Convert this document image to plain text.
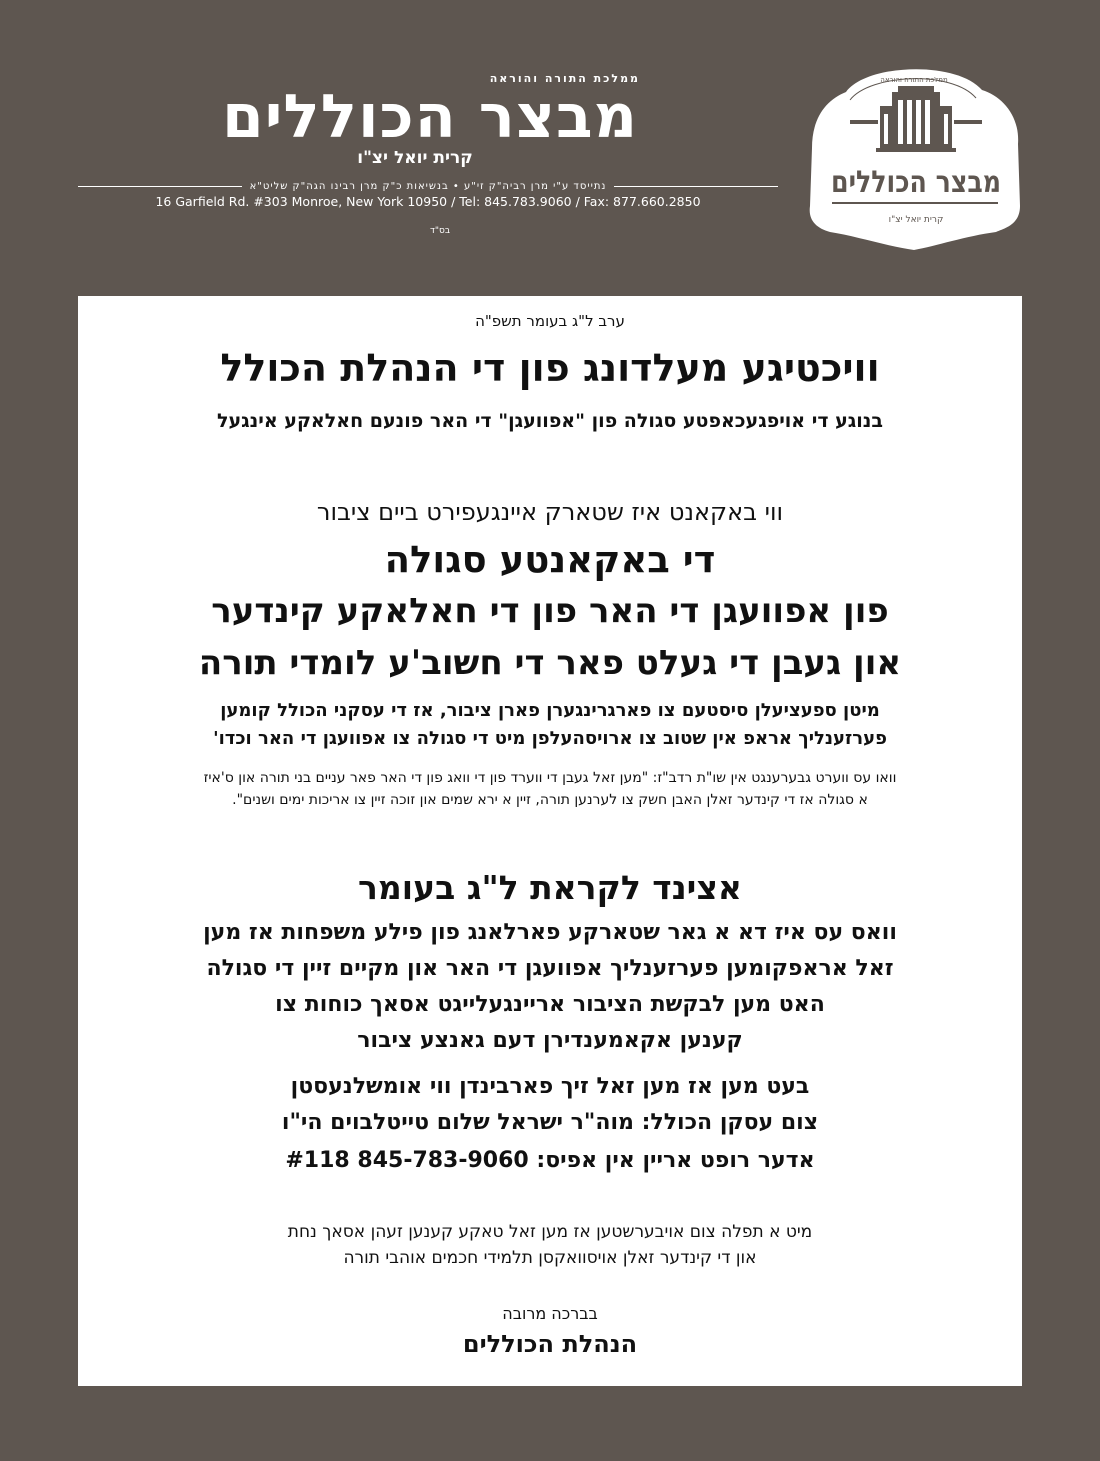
ממלכת התורה והוראה
מבצר הכוללים
קרית יואל יצ"ו
נתייסד ע"י מרן רביה"ק זי"ע • בנשיאות כ"ק מרן רבינו הגה"ק שליט"א
16 Garfield Rd. #303 Monroe, New York 10950 / Tel: 845.783.9060 / Fax: 877.660.2850
בס"ד
ממלכת התורה והוראה
מבצר הכוללים
קרית יואל יצ"ו
ערב ל"ג בעומר תשפ"ה
וויכטיגע מעלדונג פון די הנהלת הכולל
בנוגע די אויפגעכאפטע סגולה פון "אפוועגן" די האר פונעם חאלאקע אינגעל
ווי באקאנט איז שטארק איינגעפירט ביים ציבור
די באקאנטע סגולה
פון אפוועגן די האר פון די חאלאקע קינדער
און געבן די געלט פאר די חשוב'ע לומדי תורה
מיטן ספעציעלן סיסטעם צו פארגרינגערן פארן ציבור, אז די עסקני הכולל קומען
פערזענליך אראפ אין שטוב צו ארויסהעלפן מיט די סגולה צו אפוועגן די האר וכדו'
וואו עס ווערט גבערענגט אין שו"ת רדב"ז: "מען זאל געבן די ווערד פון די וואג פון די האר פאר עניים בני תורה און ס'איז
א סגולה אז די קינדער זאלן האבן חשק צו לערנען תורה, זיין א ירא שמים און זוכה זיין צו אריכות ימים ושנים".
אצינד לקראת ל"ג בעומר
וואס עס איז דא א גאר שטארקע פארלאנג פון פילע משפחות אז מען
זאל אראפקומען פערזענליך אפוועגן די האר און מקיים זיין די סגולה
האט מען לבקשת הציבור אריינגעלייגט אסאך כוחות צו
קענען אקאמענדירן דעם גאנצע ציבור
בעט מען אז מען זאל זיך פארבינדן ווי אומשלנעסטן
צום עסקן הכולל: מוה"ר ישראל שלום טייטלבוים הי"ו
אדער רופט אריין אין אפיס: 845-783-9060 #118
מיט א תפלה צום אויבערשטען אז מען זאל טאקע קענען זעהן אסאך נחת
און די קינדער זאלן אויסוואקסן תלמידי חכמים אוהבי תורה
בברכה מרובה
הנהלת הכוללים
